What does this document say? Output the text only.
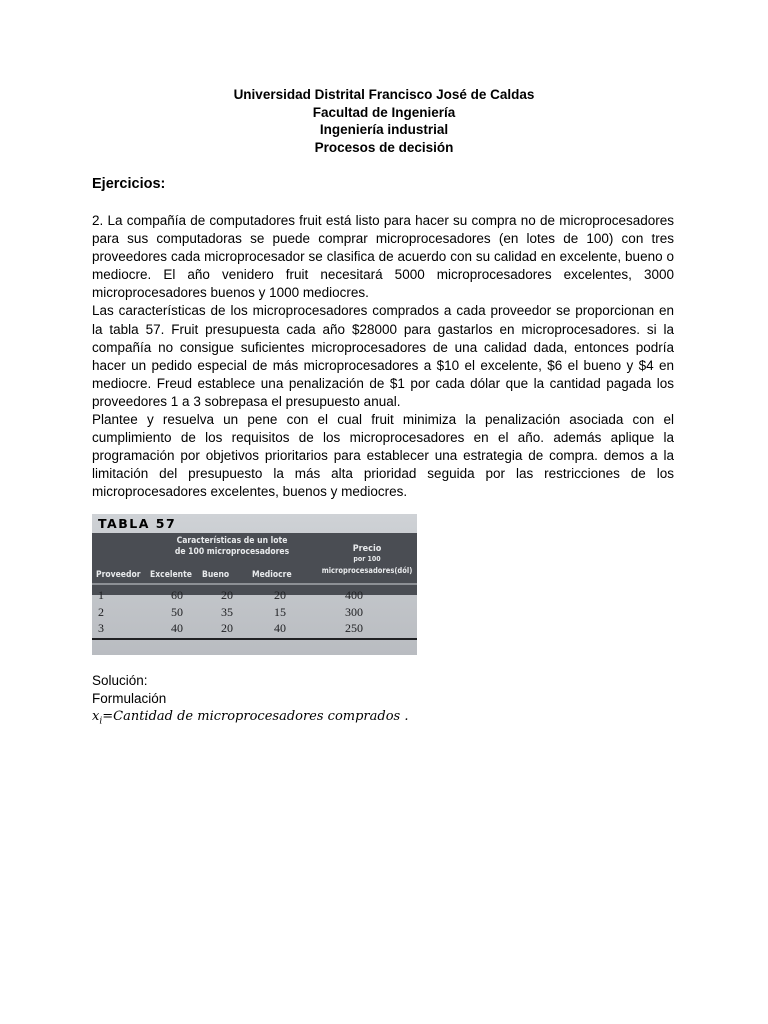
Universidad Distrital Francisco José de Caldas
Facultad de Ingeniería
Ingeniería industrial
Procesos de decisión
Ejercicios:

2. La compañía de computadores fruit está listo para hacer su compra no de microprocesadores para sus computadoras se puede comprar microprocesadores (en lotes de 100) con tres proveedores cada microprocesador se clasifica de acuerdo con su calidad en excelente, bueno o mediocre. El año venidero fruit necesitará 5000 microprocesadores excelentes, 3000 microprocesadores buenos y 1000 mediocres.

Las características de los microprocesadores comprados a cada proveedor se proporcionan en la tabla 57. Fruit presupuesta cada año $28000 para gastarlos en microprocesadores. si la compañía no consigue suficientes microprocesadores de una calidad dada, entonces podría hacer un pedido especial de más microprocesadores a $10 el excelente, $6 el bueno y $4 en mediocre. Freud establece una penalización de $1 por cada dólar que la cantidad pagada los proveedores 1 a 3 sobrepasa el presupuesto anual.

Plantee y resuelva un pene con el cual fruit minimiza la penalización asociada con el cumplimiento de los requisitos de los microprocesadores en el año. además aplique la programación por objetivos prioritarios para establecer una estrategia de compra. demos a la limitación del presupuesto la más alta prioridad seguida por las restricciones de los microprocesadores excelentes, buenos y mediocres.

TABLA 57
Características de un lote
de 100 microprocesadores	Precio
por 100
microprocesadores(dól)
Proveedor Excelente Bueno	Mediocre
1	60	20	20	400
2	50	35	15	300
3	40	20	40	250
Solución:
Formulación
$x_i=Cantidad$ de microprocesadores comprados .
